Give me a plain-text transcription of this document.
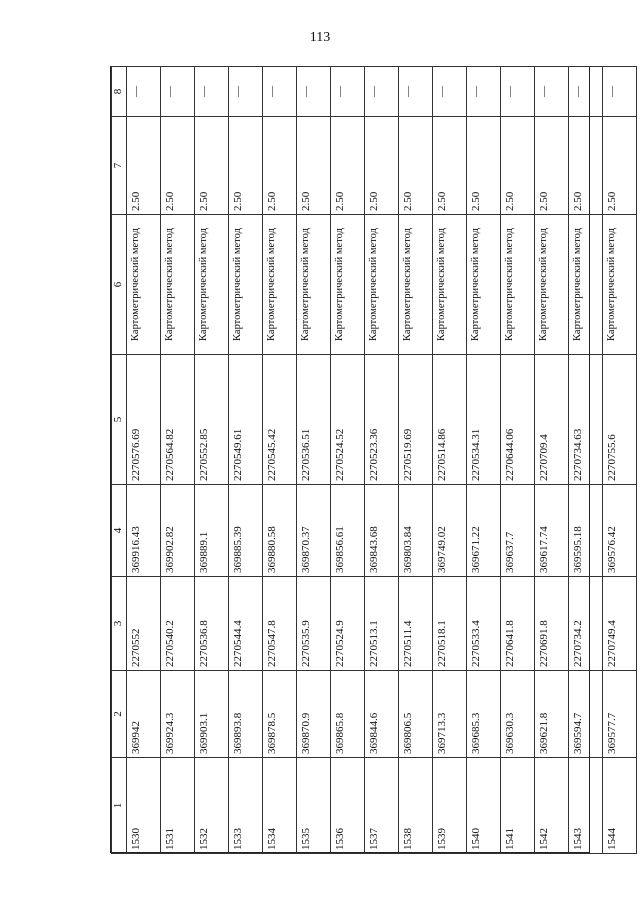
113
1	2	3	4	5	6	7	8
1530	369942	2270552	369916.43	2270576.69	Картометрический метод	2.50	—
1531	369924.3	2270540.2	369902.82	2270564.82	Картометрический метод	2.50	—
1532	369903.1	2270536.8	369889.1	2270552.85	Картометрический метод	2.50	—
1533	369893.8	2270544.4	369885.39	2270549.61	Картометрический метод	2.50	—
1534	369878.5	2270547.8	369880.58	2270545.42	Картометрический метод	2.50	—
1535	369870.9	2270535.9	369870.37	2270536.51	Картометрический метод	2.50	—
1536	369865.8	2270524.9	369856.61	2270524.52	Картометрический метод	2.50	—
1537	369844.6	2270513.1	369843.68	2270523.36	Картометрический метод	2.50	—
1538	369806.5	2270511.4	369803.84	2270519.69	Картометрический метод	2.50	—
1539	369713.3	2270518.1	369749.02	2270514.86	Картометрический метод	2.50	—
1540	369685.3	2270533.4	369671.22	2270534.31	Картометрический метод	2.50	—
1541	369630.3	2270641.8	369637.7	2270644.06	Картометрический метод	2.50	—
1542	369621.8	2270691.8	369617.74	2270709.4	Картометрический метод	2.50	—
1543	369594.7	2270734.2	369595.18	2270734.63	Картометрический метод	2.50	—
1544	369577.7	2270749.4	369576.42	2270755.6	Картометрический метод	2.50	—
